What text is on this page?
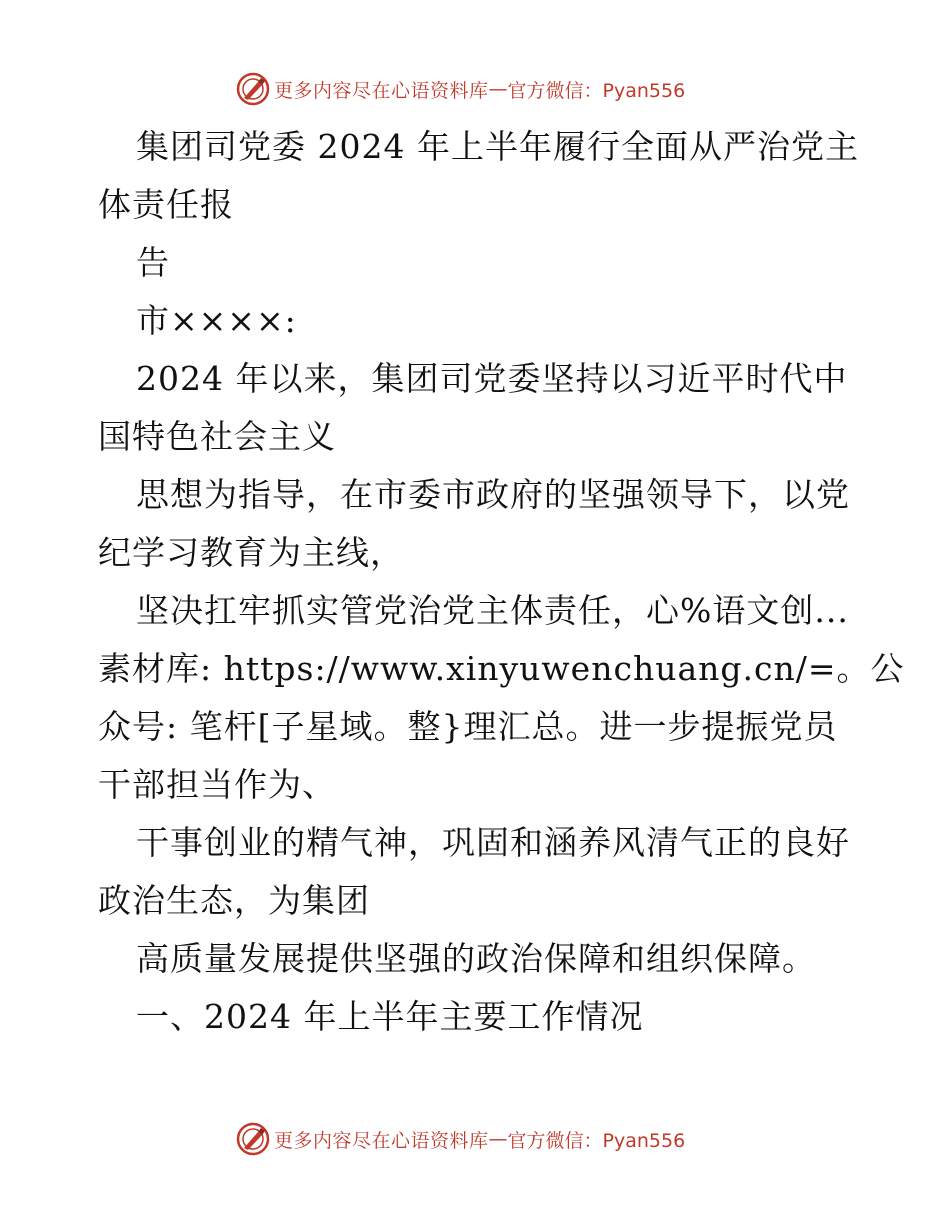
更多内容尽在心语资料库 — 官方微信：Pyan556
集团司党委 2024 年上半年履行全面从严治党主
体责任报
告
市××××:
2024 年以来，集团司党委坚持以习近平时代中
国特色社会主义
思想为指导，在市委市政府的坚强领导下，以党
纪学习教育为主线，
坚决扛牢抓实管党治党主体责任，心%语文创...
素材库: https://www.xinyuwenchuang.cn/=。公
众号: 笔杆[子星域。整}理汇总。进一步提振党员
干部担当作为、
干事创业的精气神，巩固和涵养风清气正的良好
政治生态，为集团
高质量发展提供坚强的政治保障和组织保障。
一、2024 年上半年主要工作情况
更多内容尽在心语资料库 — 官方微信：Pyan556
